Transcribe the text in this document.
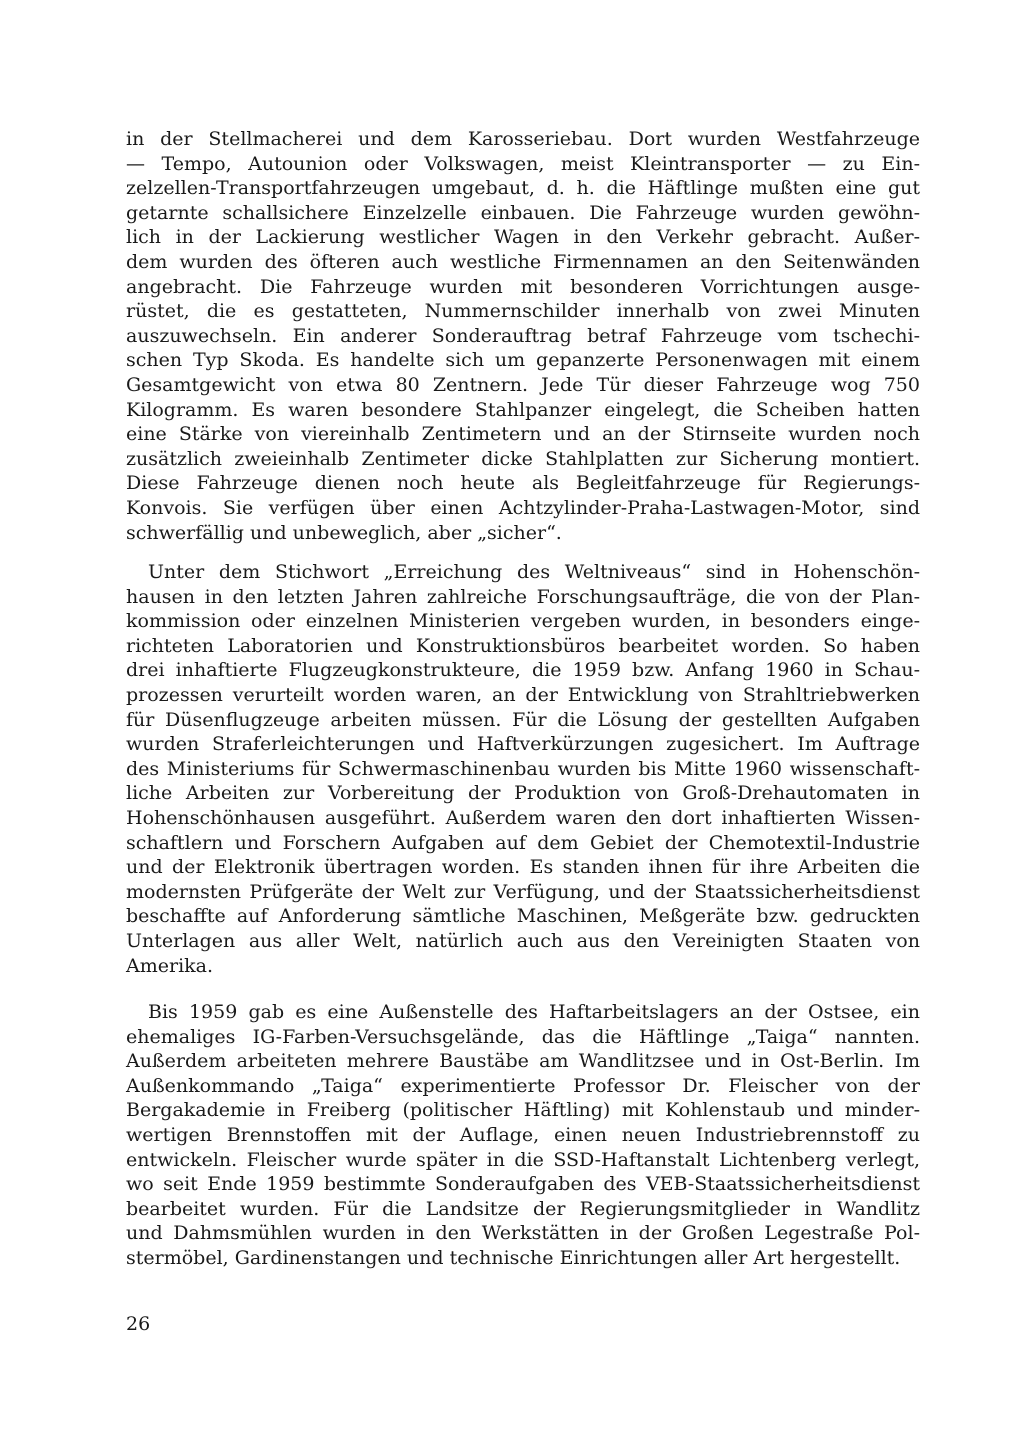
in der Stellmacherei und dem Karosseriebau. Dort wurden Westfahrzeuge
— Tempo, Autounion oder Volkswagen, meist Kleintransporter — zu Ein-
zelzellen-Transportfahrzeugen umgebaut, d. h. die Häftlinge mußten eine gut
getarnte schallsichere Einzelzelle einbauen. Die Fahrzeuge wurden gewöhn-
lich in der Lackierung westlicher Wagen in den Verkehr gebracht. Außer-
dem wurden des öfteren auch westliche Firmennamen an den Seitenwänden
angebracht. Die Fahrzeuge wurden mit besonderen Vorrichtungen ausge-
rüstet, die es gestatteten, Nummernschilder innerhalb von zwei Minuten
auszuwechseln. Ein anderer Sonderauftrag betraf Fahrzeuge vom tschechi-
schen Typ Skoda. Es handelte sich um gepanzerte Personenwagen mit einem
Gesamtgewicht von etwa 80 Zentnern. Jede Tür dieser Fahrzeuge wog 750
Kilogramm. Es waren besondere Stahlpanzer eingelegt, die Scheiben hatten
eine Stärke von viereinhalb Zentimetern und an der Stirnseite wurden noch
zusätzlich zweieinhalb Zentimeter dicke Stahlplatten zur Sicherung montiert.
Diese Fahrzeuge dienen noch heute als Begleitfahrzeuge für Regierungs-
Konvois. Sie verfügen über einen Achtzylinder-Praha-Lastwagen-Motor, sind
schwerfällig und unbeweglich, aber „sicher“.
Unter dem Stichwort „Erreichung des Weltniveaus“ sind in Hohenschön-
hausen in den letzten Jahren zahlreiche Forschungsaufträge, die von der Plan-
kommission oder einzelnen Ministerien vergeben wurden, in besonders einge-
richteten Laboratorien und Konstruktionsbüros bearbeitet worden. So haben
drei inhaftierte Flugzeugkonstrukteure, die 1959 bzw. Anfang 1960 in Schau-
prozessen verurteilt worden waren, an der Entwicklung von Strahltriebwerken
für Düsenflugzeuge arbeiten müssen. Für die Lösung der gestellten Aufgaben
wurden Straferleichterungen und Haftverkürzungen zugesichert. Im Auftrage
des Ministeriums für Schwermaschinenbau wurden bis Mitte 1960 wissenschaft-
liche Arbeiten zur Vorbereitung der Produktion von Groß-Drehautomaten in
Hohenschönhausen ausgeführt. Außerdem waren den dort inhaftierten Wissen-
schaftlern und Forschern Aufgaben auf dem Gebiet der Chemotextil-Industrie
und der Elektronik übertragen worden. Es standen ihnen für ihre Arbeiten die
modernsten Prüfgeräte der Welt zur Verfügung, und der Staatssicherheitsdienst
beschaffte auf Anforderung sämtliche Maschinen, Meßgeräte bzw. gedruckten
Unterlagen aus aller Welt, natürlich auch aus den Vereinigten Staaten von
Amerika.
Bis 1959 gab es eine Außenstelle des Haftarbeitslagers an der Ostsee, ein
ehemaliges IG-Farben-Versuchsgelände, das die Häftlinge „Taiga“ nannten.
Außerdem arbeiteten mehrere Baustäbe am Wandlitzsee und in Ost-Berlin. Im
Außenkommando „Taiga“ experimentierte Professor Dr. Fleischer von der
Bergakademie in Freiberg (politischer Häftling) mit Kohlenstaub und minder-
wertigen Brennstoffen mit der Auflage, einen neuen Industriebrennstoff zu
entwickeln. Fleischer wurde später in die SSD-Haftanstalt Lichtenberg verlegt,
wo seit Ende 1959 bestimmte Sonderaufgaben des VEB-Staatssicherheitsdienst
bearbeitet wurden. Für die Landsitze der Regierungsmitglieder in Wandlitz
und Dahmsmühlen wurden in den Werkstätten in der Großen Legestraße Pol-
stermöbel, Gardinenstangen und technische Einrichtungen aller Art hergestellt.
26
